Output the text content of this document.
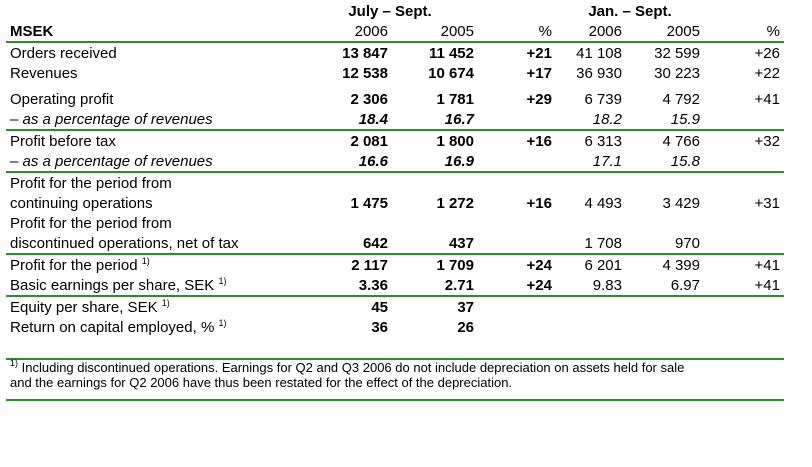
	July – Sept.			Jan. – Sept.		
MSEK	2006	2005	%	2006	2005	%
Orders received	13 847	11 452	+21	41 108	32 599	+26
Revenues	12 538	10 674	+17	36 930	30 223	+22

Operating profit	2 306	1 781	+29	6 739	4 792	+41
– as a percentage of revenues	18.4	16.7		18.2	15.9	
Profit before tax	2 081	1 800	+16	6 313	4 766	+32
– as a percentage of revenues	16.6	16.9		17.1	15.8	
Profit for the period from						
continuing operations	1 475	1 272	+16	4 493	3 429	+31
Profit for the period from						
discontinued operations, net of tax	642	437		1 708	970	
Profit for the period $^{1)}$	2 117	1 709	+24	6 201	4 399	+41
Basic earnings per share, SEK $^{1)}$	3.36	2.71	+24	9.83	6.97	+41
Equity per share, SEK $^{1)}$	45	37				
Return on capital employed, % $^{1)}$	36	26				
$^{1)}$ Including discontinued operations. Earnings for Q2 and Q3 2006 do not include depreciation on assets held for sale
and the earnings for Q2 2006 have thus been restated for the effect of the depreciation.
